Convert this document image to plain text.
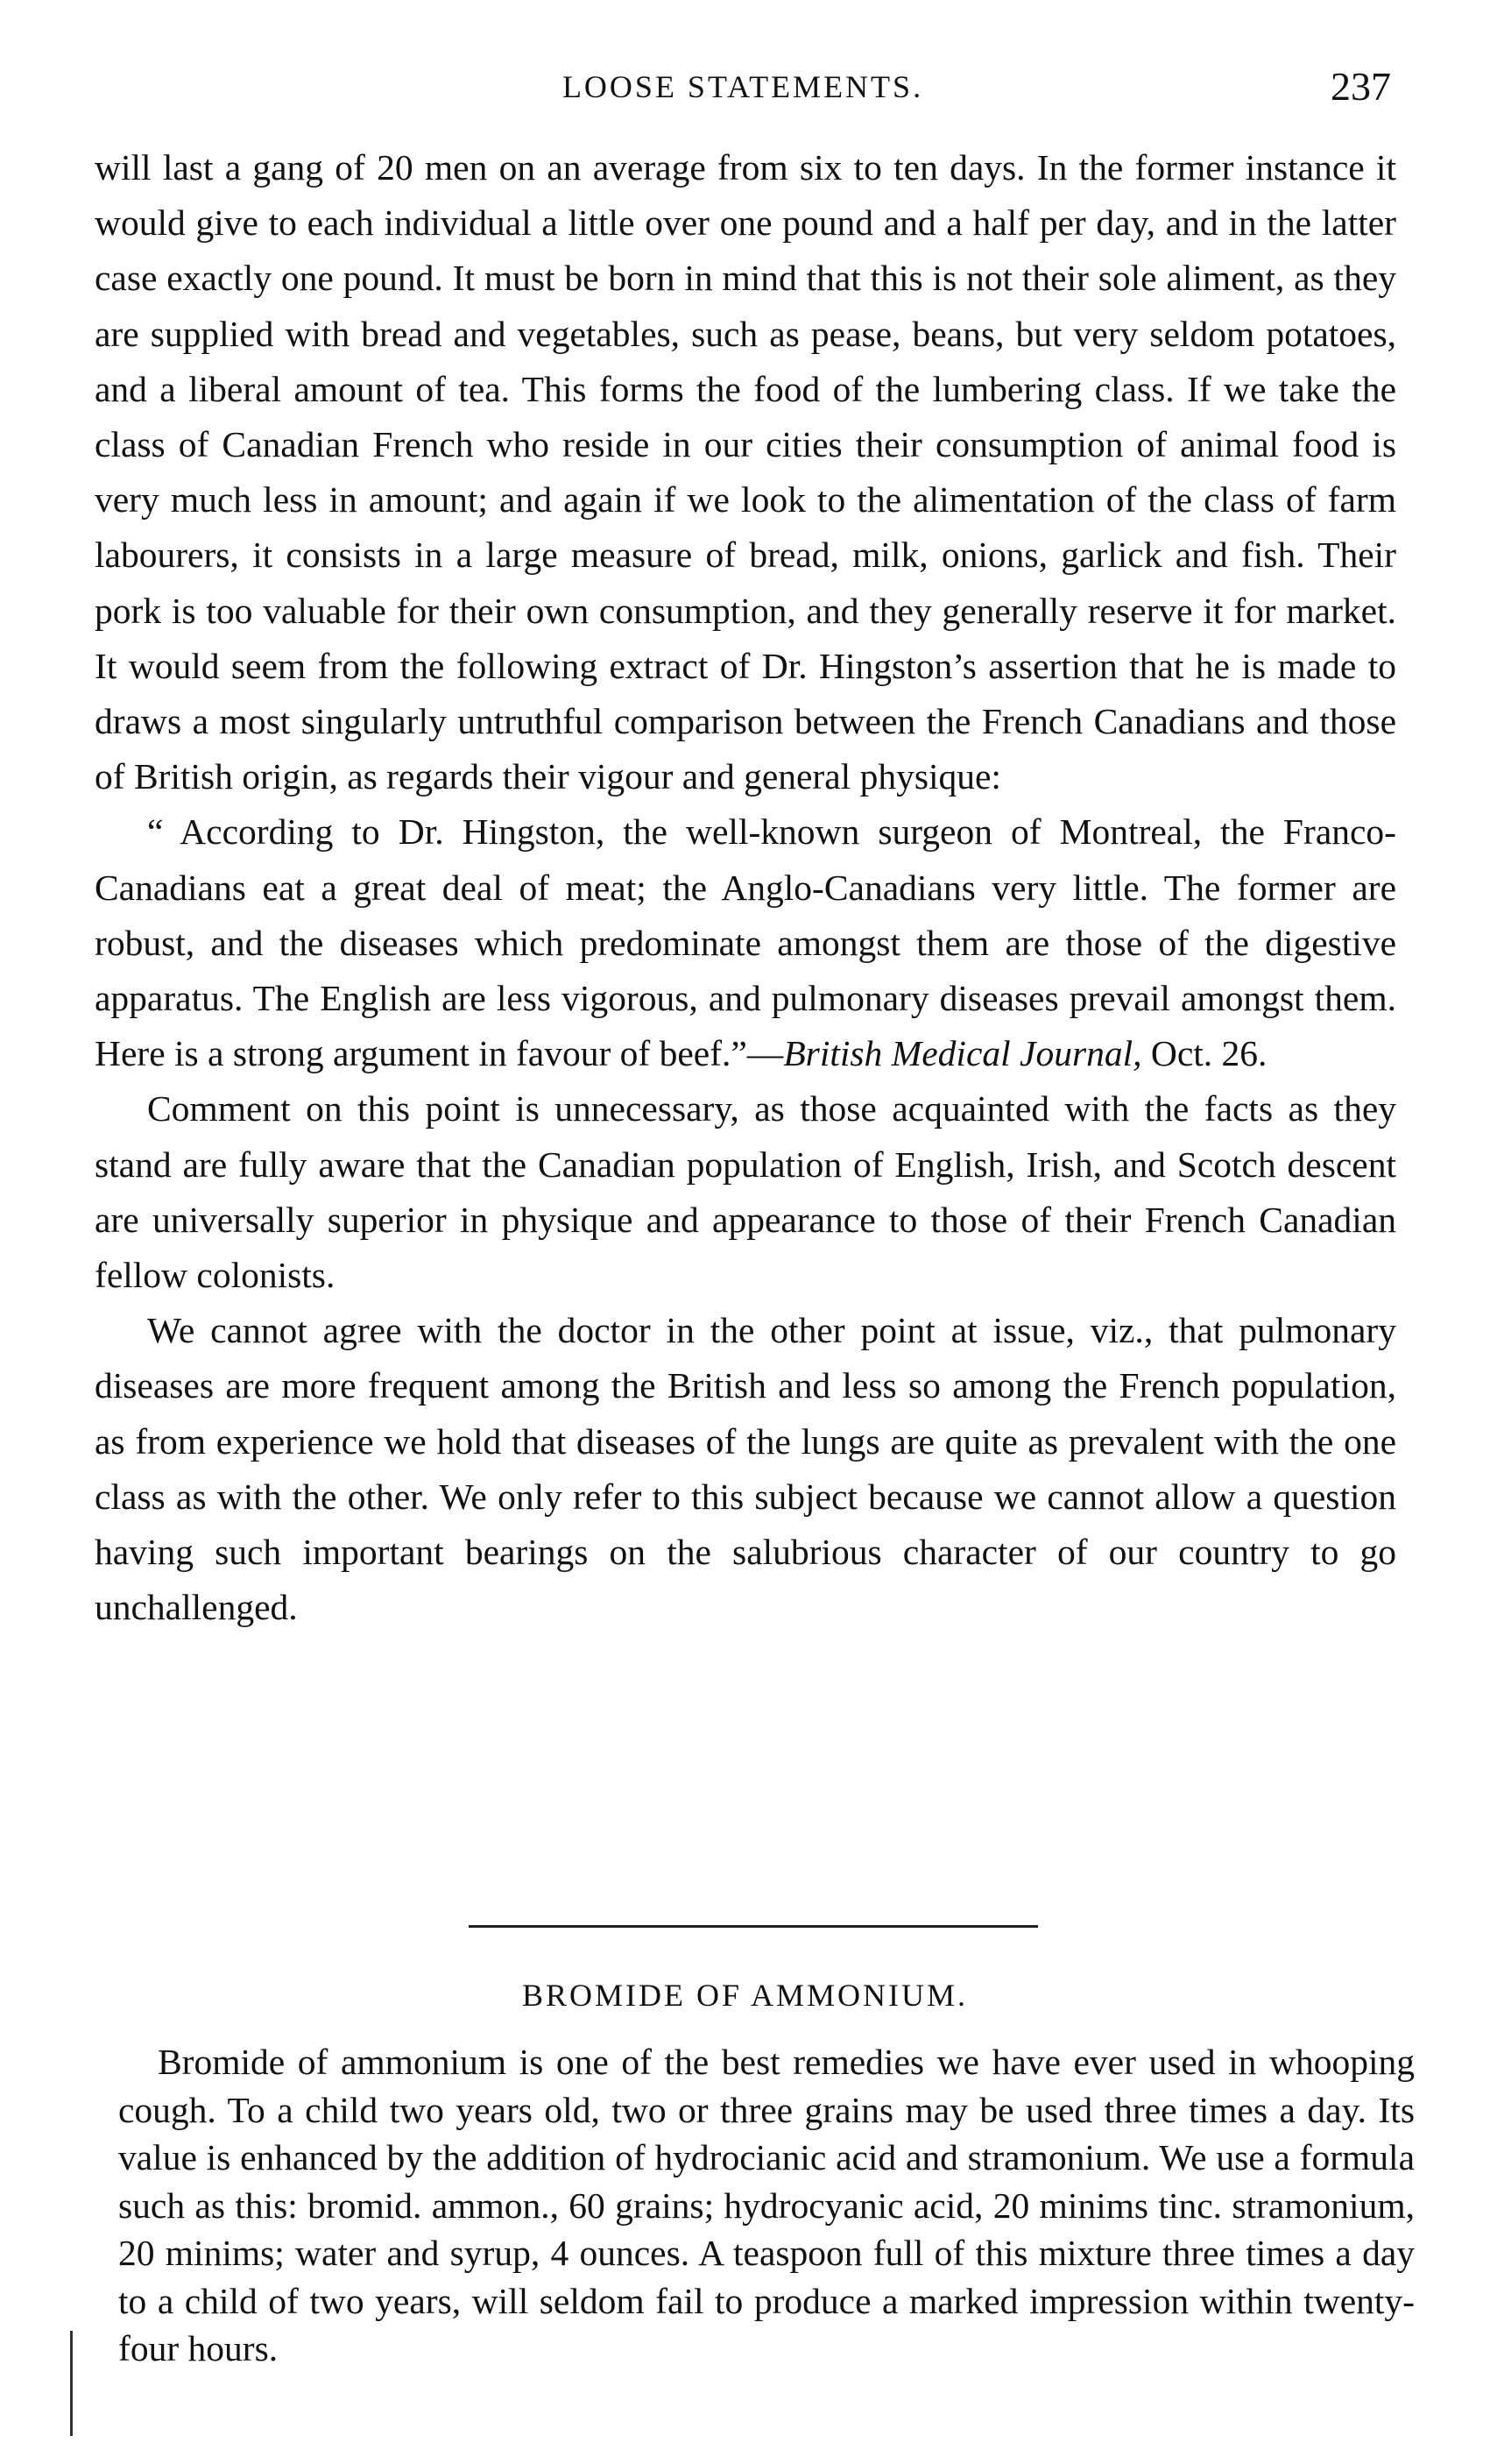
LOOSE STATEMENTS.	237

will last a gang of 20 men on an average from six to ten days. In the former instance it would give to each individual a little over one pound and a half per day, and in the latter case exactly one pound. It must be born in mind that this is not their sole aliment, as they are supplied with bread and vegetables, such as pease, beans, but very seldom potatoes, and a liberal amount of tea. This forms the food of the lumbering class. If we take the class of Canadian French who reside in our cities their consumption of animal food is very much less in amount; and again if we look to the alimentation of the class of farm labourers, it consists in a large measure of bread, milk, onions, garlick and fish. Their pork is too valuable for their own consumption, and they generally reserve it for market. It would seem from the following extract of Dr. Hingston’s assertion that he is made to draws a most singularly untruthful comparison between the French Canadians and those of British origin, as regards their vigour and general physique:

“ According to Dr. Hingston, the well-known surgeon of Montreal, the Franco-Canadians eat a great deal of meat; the Anglo-Canadians very little. The former are robust, and the diseases which predominate amongst them are those of the digestive apparatus. The English are less vigorous, and pulmonary diseases prevail amongst them. Here is a strong argument in favour of beef.”—British Medical Journal, Oct. 26.

Comment on this point is unnecessary, as those acquainted with the facts as they stand are fully aware that the Canadian population of English, Irish, and Scotch descent are universally superior in physique and appearance to those of their French Canadian fellow colonists.

We cannot agree with the doctor in the other point at issue, viz., that pulmonary diseases are more frequent among the British and less so among the French population, as from experience we hold that diseases of the lungs are quite as prevalent with the one class as with the other. We only refer to this subject because we cannot allow a question having such important bearings on the salubrious character of our country to go unchallenged.

BROMIDE OF AMMONIUM.

Bromide of ammonium is one of the best remedies we have ever used in whooping cough. To a child two years old, two or three grains may be used three times a day. Its value is enhanced by the addition of hydrocianic acid and stramonium. We use a formula such as this: bromid. ammon., 60 grains; hydrocyanic acid, 20 minims tinc. stramonium, 20 minims; water and syrup, 4 ounces. A teaspoon full of this mixture three times a day to a child of two years, will seldom fail to produce a marked impression within twenty-four hours.
